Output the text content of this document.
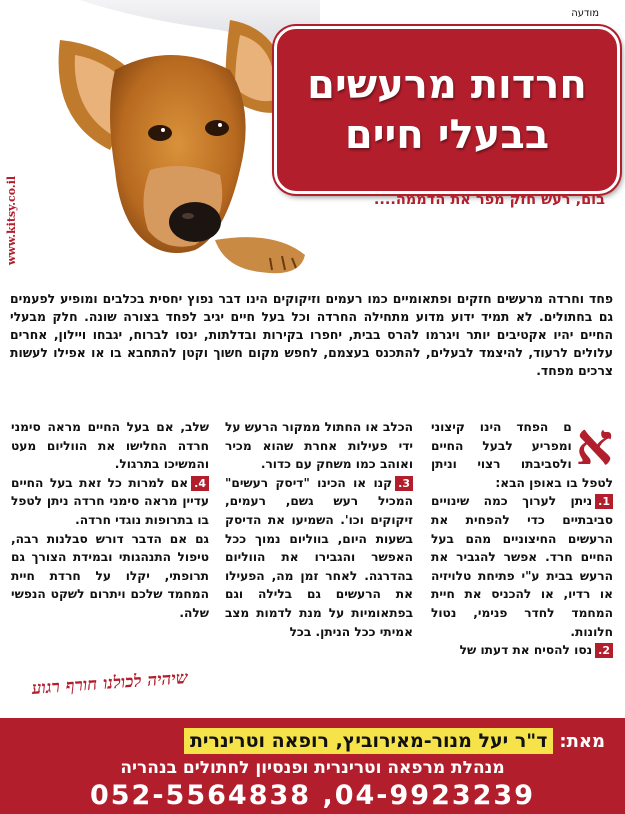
מודעה
www.kitsy.co.il
חרדות מרעשים
בבעלי חיים
חורף, שקט, בבית כולם ישנים, לפתע...
בום, רעש חזק מפר את הדממה....

פחד וחרדה מרעשים חזקים ופתאומיים כמו רעמים וזיקוקים הינו דבר נפוץ יחסית בכלבים ומופיע לפעמים גם בחתולים. לא תמיד ידוע מדוע מתחילה החרדה וכל בעל חיים יגיב לפחד בצורה שונה. חלק מבעלי החיים יהיו אקטיבים יותר ויגרמו להרס בבית, יחפרו בקירות ובדלתות, ינסו לברוח, יגבחו ויילון, אחרים עלולים לרעוד, להיצמד לבעלים, להתכנס בעצמם, לחפש מקום חשוך וקטן להתחבא בו או אפילו לעשות צרכים מפחד.

א
ם הפחד הינו קיצוני ומפריע לבעל החיים ולסביבתו רצוי וניתן לטפל בו באופן הבא:
1.ניתן לערוך כמה שינויים סביבתיים כדי להפחית את הרעשים החיצוניים מהם בעל החיים חרד. אפשר להגביר את הרעש בבית ע"י פתיחת טלויזיה או רדיו, או להכניס את חיית המחמד לחדר פנימי, נטול חלונות.
2.נסו להסיח את דעתו של
הכלב או החתול ממקור הרעש על ידי פעילות אחרת שהוא מכיר ואוהב כמו משחק עם כדור.
3.קנו או הכינו "דיסק רעשים" המכיל רעש גשם, רעמים, זיקוקים וכו'. השמיעו את הדיסק בשעות היום, בווליום נמוך ככל האפשר והגבירו את הווליום בהדרגה. לאחר זמן מה, הפעילו את הרעשים גם בלילה וגם בפתאומיות על מנת לדמות מצב אמיתי ככל הניתן. בכל
שלב, אם בעל החיים מראה סימני חרדה החלישו את הווליום מעט והמשיכו בתרגול.
4.אם למרות כל זאת בעל החיים עדיין מראה סימני חרדה ניתן לטפל בו בתרופות נוגדי חרדה.
גם אם הדבר דורש סבלנות רבה, טיפול התנהגותי ובמידת הצורך גם תרופתי, יקלו על חרדת חיית המחמד שלכם ויתרום לשקט הנפשי שלה.
שיהיה לכולנו חורף רגוע
מאת:
ד"ר יעל מנור-מאירוביץ, רופאה וטרינרית
מנהלת מרפאה וטרינרית ופנסיון לחתולים בנהריה
052-5564838 ,04-9923239
